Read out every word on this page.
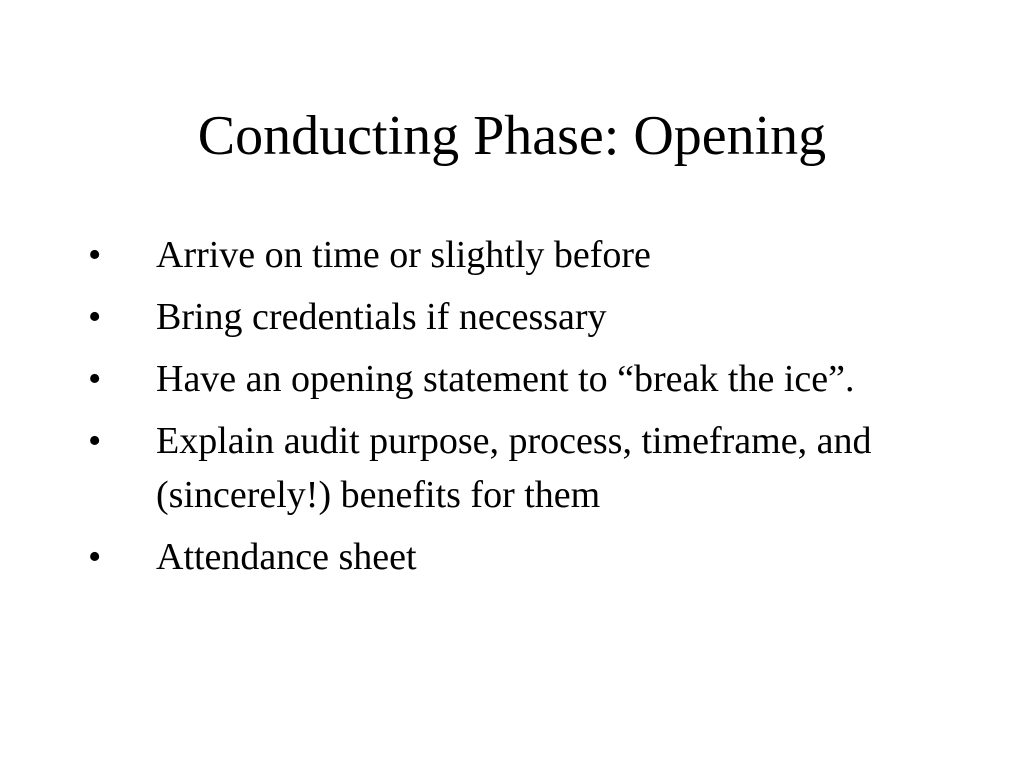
Conducting Phase: Opening
• Arrive on time or slightly before
• Bring credentials if necessary
• Have an opening statement to “break the ice”.
• Explain audit purpose, process, timeframe, and (sincerely!) benefits for them
• Attendance sheet
